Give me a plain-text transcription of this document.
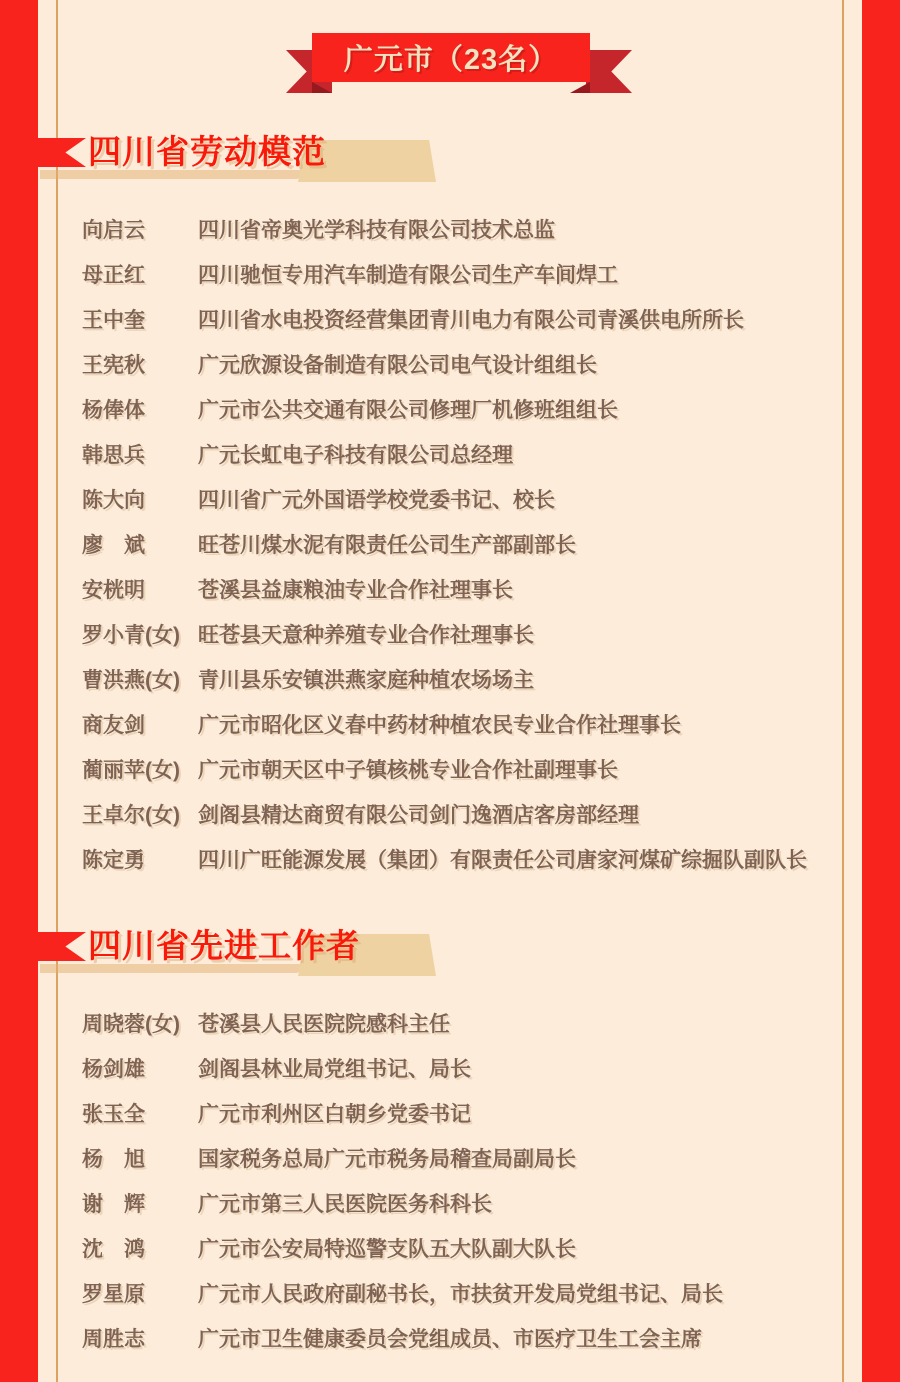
广元市（23名）
四川省劳动模范
向启云	四川省帝奥光学科技有限公司技术总监
母正红	四川驰恒专用汽车制造有限公司生产车间焊工
王中奎	四川省水电投资经营集团青川电力有限公司青溪供电所所长
王宪秋	广元欣源设备制造有限公司电气设计组组长
杨俸体	广元市公共交通有限公司修理厂机修班组组长
韩思兵	广元长虹电子科技有限公司总经理
陈大向	四川省广元外国语学校党委书记、校长
廖　斌	旺苍川煤水泥有限责任公司生产部副部长
安桄明	苍溪县益康粮油专业合作社理事长
罗小青(女) 旺苍县天意种养殖专业合作社理事长
曹洪燕(女) 青川县乐安镇洪燕家庭种植农场场主
商友剑	广元市昭化区义春中药材种植农民专业合作社理事长
蔺丽苹(女) 广元市朝天区中子镇核桃专业合作社副理事长
王卓尔(女) 剑阁县精达商贸有限公司剑门逸酒店客房部经理
陈定勇	四川广旺能源发展（集团）有限责任公司唐家河煤矿综掘队副队长
四川省先进工作者
周晓蓉(女) 苍溪县人民医院院感科主任
杨剑雄	剑阁县林业局党组书记、局长
张玉全	广元市利州区白朝乡党委书记
杨　旭	国家税务总局广元市税务局稽查局副局长
谢　辉	广元市第三人民医院医务科科长
沈　鸿	广元市公安局特巡警支队五大队副大队长
罗星原	广元市人民政府副秘书长，市扶贫开发局党组书记、局长
周胜志	广元市卫生健康委员会党组成员、市医疗卫生工会主席
